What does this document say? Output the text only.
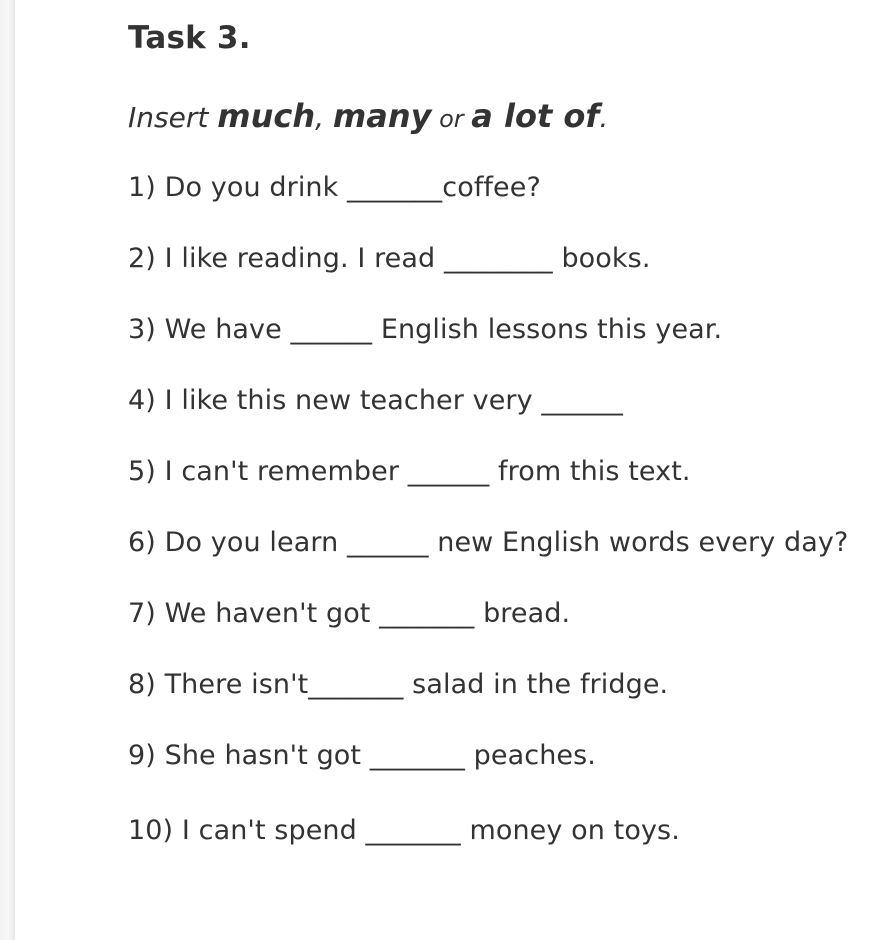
Task 3.
Insert much, many or a lot of.
1) Do you drink _______coffee?
2) I like reading. I read ________ books.
3) We have ______ English lessons this year.
4) I like this new teacher very ______
5) I can't remember ______ from this text.
6) Do you learn ______ new English words every day?
7) We haven't got _______ bread.
8) There isn't_______ salad in the fridge.
9) She hasn't got _______ peaches.
10) I can't spend _______ money on toys.
